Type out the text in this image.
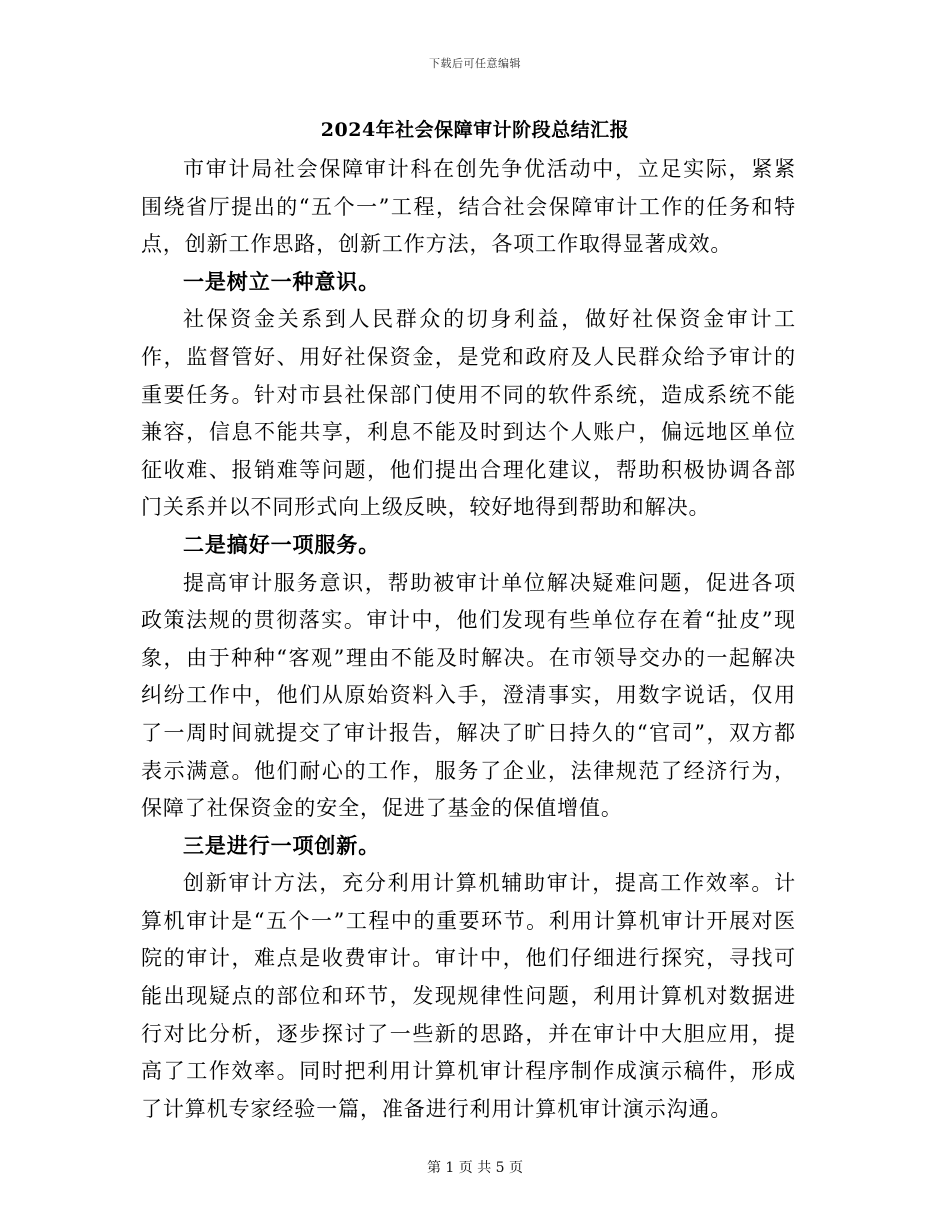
下载后可任意编辑
2024年社会保障审计阶段总结汇报

市审计局社会保障审计科在创先争优活动中，立足实际，紧紧围绕省厅提出的“五个一”工程，结合社会保障审计工作的任务和特点，创新工作思路，创新工作方法，各项工作取得显著成效。

一是树立一种意识。

社保资金关系到人民群众的切身利益，做好社保资金审计工作，监督管好、用好社保资金，是党和政府及人民群众给予审计的重要任务。针对市县社保部门使用不同的软件系统，造成系统不能兼容，信息不能共享，利息不能及时到达个人账户，偏远地区单位征收难、报销难等问题，他们提出合理化建议，帮助积极协调各部门关系并以不同形式向上级反映，较好地得到帮助和解决。

二是搞好一项服务。

提高审计服务意识，帮助被审计单位解决疑难问题，促进各项政策法规的贯彻落实。审计中，他们发现有些单位存在着“扯皮”现象，由于种种“客观”理由不能及时解决。在市领导交办的一起解决纠纷工作中，他们从原始资料入手，澄清事实，用数字说话，仅用了一周时间就提交了审计报告，解决了旷日持久的“官司”，双方都表示满意。他们耐心的工作，服务了企业，法律规范了经济行为，保障了社保资金的安全，促进了基金的保值增值。

三是进行一项创新。

创新审计方法，充分利用计算机辅助审计，提高工作效率。计算机审计是“五个一”工程中的重要环节。利用计算机审计开展对医院的审计，难点是收费审计。审计中，他们仔细进行探究，寻找可能出现疑点的部位和环节，发现规律性问题，利用计算机对数据进行对比分析，逐步探讨了一些新的思路，并在审计中大胆应用，提高了工作效率。同时把利用计算机审计程序制作成演示稿件，形成了计算机专家经验一篇，准备进行利用计算机审计演示沟通。

第 1 页 共 5 页
